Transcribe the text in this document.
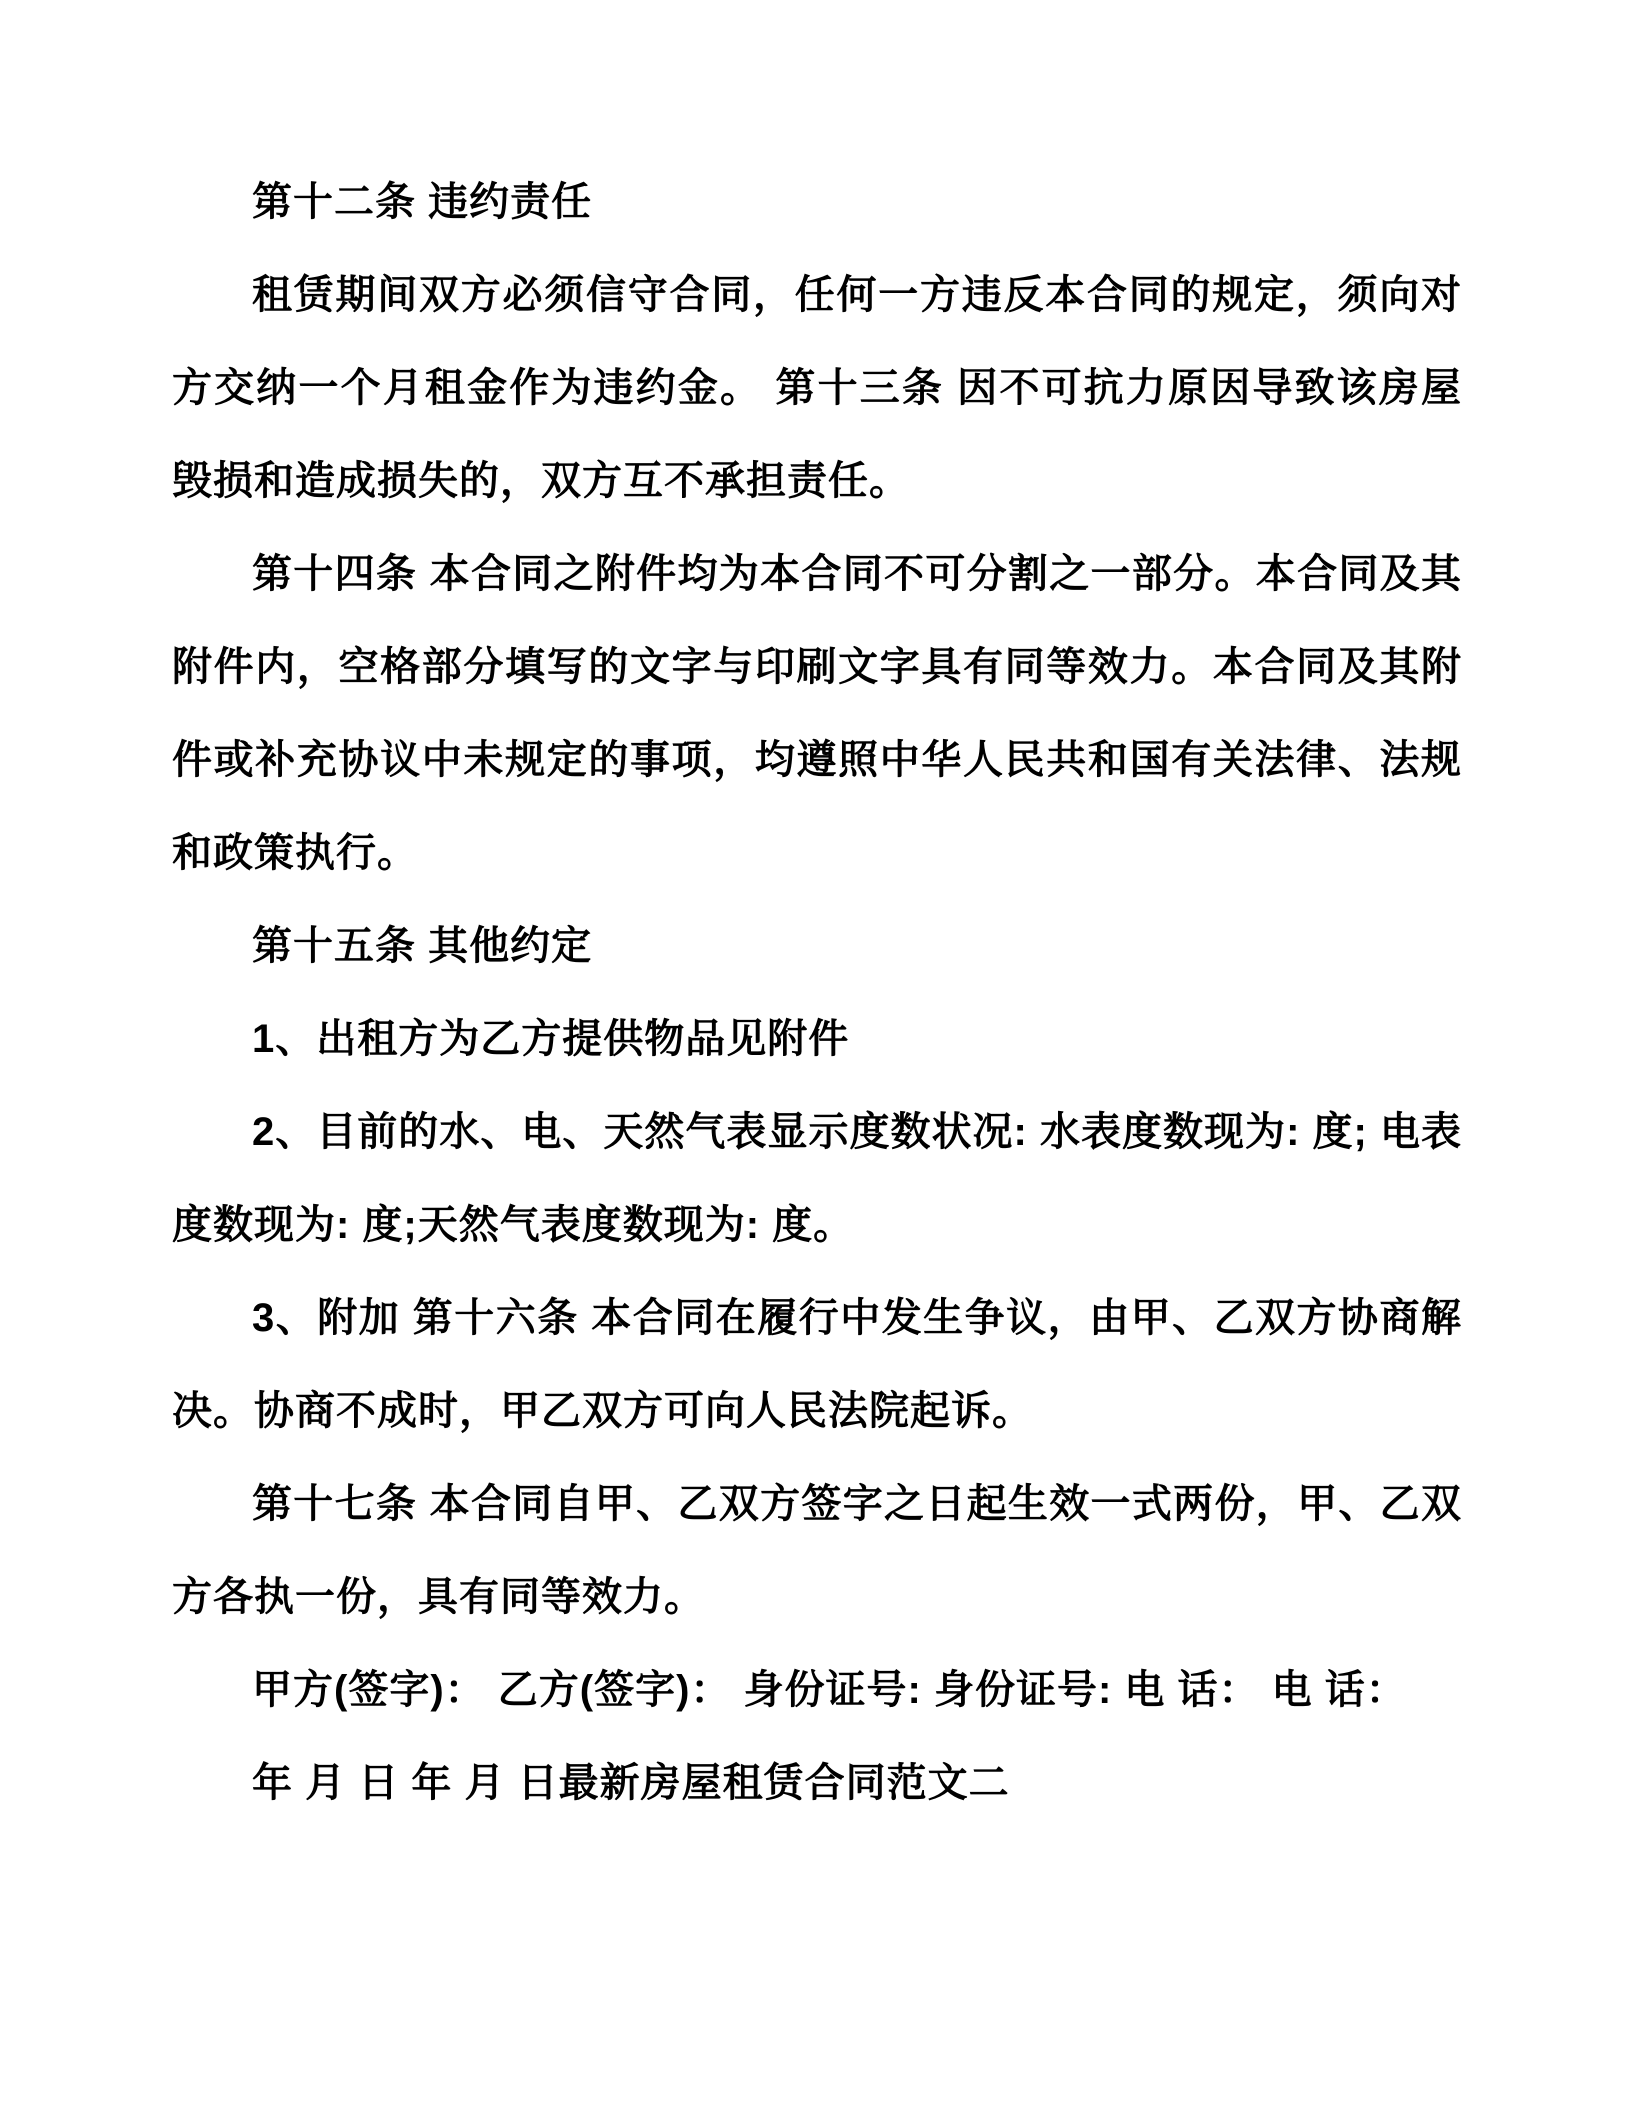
第十二条 违约责任

租赁期间双方必须信守合同，任何一方违反本合同的规定，须向对方交纳一个月租金作为违约金。 第十三条 因不可抗力原因导致该房屋毁损和造成损失的，双方互不承担责任。

第十四条 本合同之附件均为本合同不可分割之一部分。本合同及其附件内，空格部分填写的文字与印刷文字具有同等效力。本合同及其附件或补充协议中未规定的事项，均遵照中华人民共和国有关法律、法规和政策执行。

第十五条 其他约定

1、出租方为乙方提供物品见附件

2、目前的水、电、天然气表显示度数状况: 水表度数现为: 度; 电表度数现为: 度;天然气表度数现为: 度。

3、附加 第十六条 本合同在履行中发生争议，由甲、乙双方协商解决。协商不成时，甲乙双方可向人民法院起诉。

第十七条 本合同自甲、乙双方签字之日起生效一式两份，甲、乙双方各执一份，具有同等效力。

甲方(签字)： 乙方(签字)： 身份证号: 身份证号: 电 话： 电 话：

年 月 日 年 月 日最新房屋租赁合同范文二
